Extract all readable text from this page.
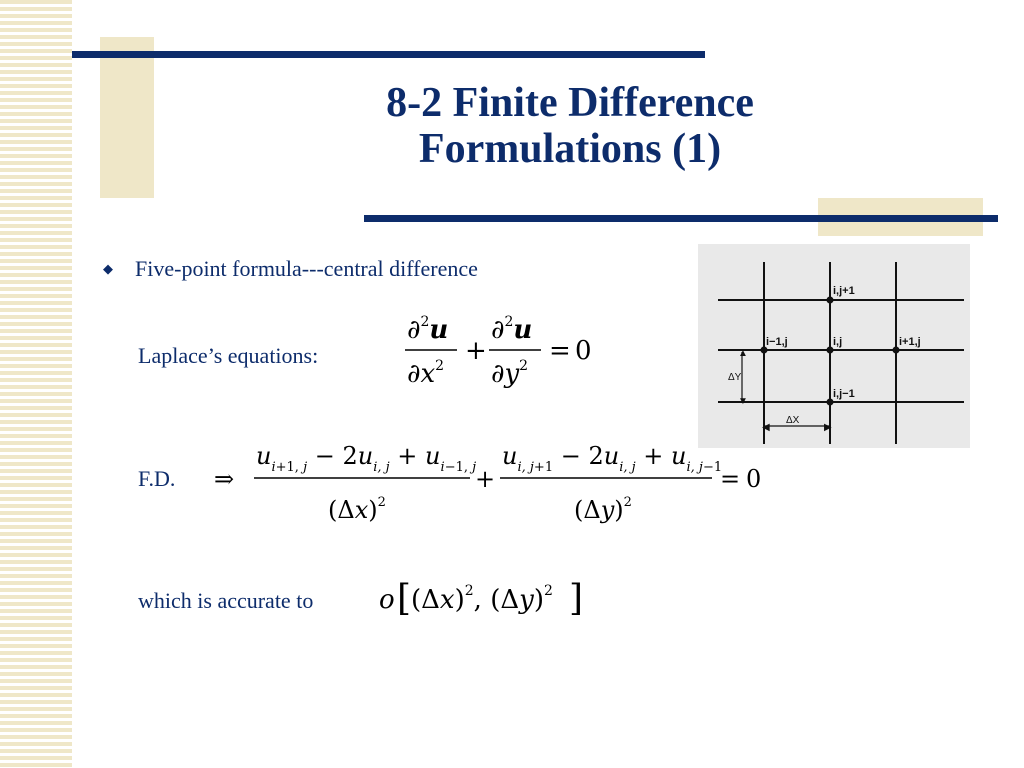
8-2 Finite Difference
Formulations (1)
◆ Five-point formula---central difference
Laplace’s equations:
F.D.
which is accurate to
∂$^2$u
$\partial x^2$ +
∂$^2$u
$\partial y^2 = 0$
⇒
$u_i+1$, $j - 2u_{i, j} + u_i-1$, j
$(\Delta x)^2$
+
$u_{i, j}+1 - 2u_{i, j} + u_{i, j}-1$
$(\Delta y)^2$
= 0
o [ $(\Delta x)^2$, $(\Delta y)^2$ ]
i,j+1
i−1,j	i,j	i+1,j
i,j−1
▲
▼
◀	▶
ΔY
ΔX
